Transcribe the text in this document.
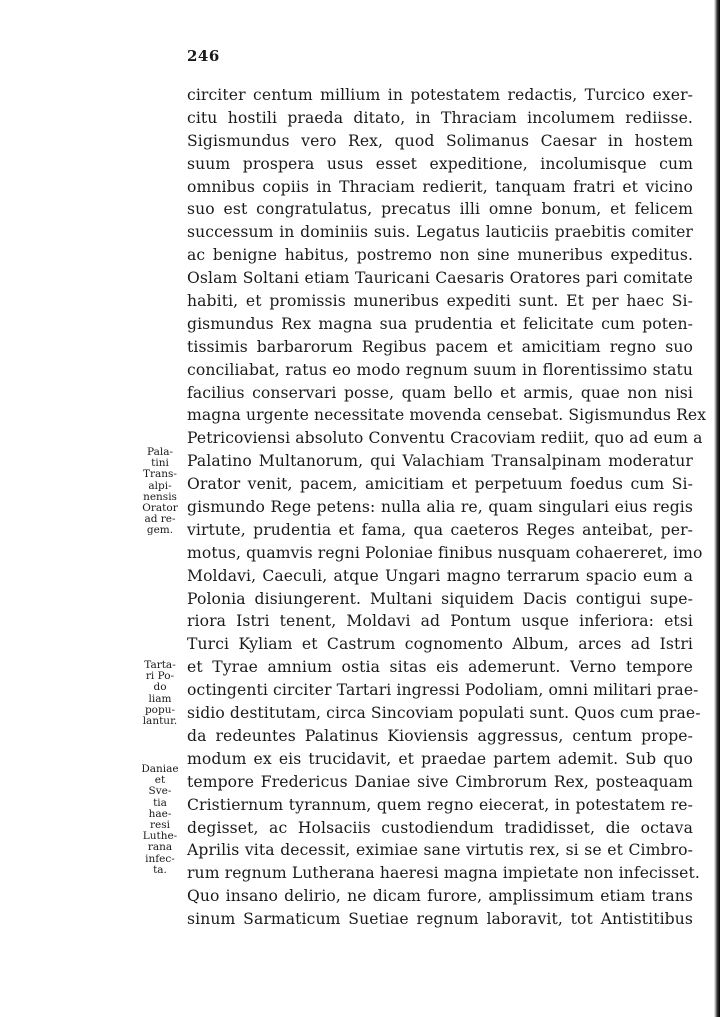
246
circiter centum millium in potestatem redactis, Turcico exer-
citu hostili praeda ditato, in Thraciam incolumem rediisse.
Sigismundus vero Rex, quod Solimanus Caesar in hostem
suum prospera usus esset expeditione, incolumisque cum
omnibus copiis in Thraciam redierit, tanquam fratri et vicino
suo est congratulatus, precatus illi omne bonum, et felicem
successum in dominiis suis. Legatus lauticiis praebitis comiter
ac benigne habitus, postremo non sine muneribus expeditus.
Oslam Soltani etiam Tauricani Caesaris Oratores pari comitate
habiti, et promissis muneribus expediti sunt. Et per haec Si-
gismundus Rex magna sua prudentia et felicitate cum poten-
tissimis barbarorum Regibus pacem et amicitiam regno suo
conciliabat, ratus eo modo regnum suum in florentissimo statu
facilius conservari posse, quam bello et armis, quae non nisi
magna urgente necessitate movenda censebat. Sigismundus Rex
Petricoviensi absoluto Conventu Cracoviam rediit, quo ad eum a
Palatino Multanorum, qui Valachiam Transalpinam moderatur
Orator venit, pacem, amicitiam et perpetuum foedus cum Si-
gismundo Rege petens: nulla alia re, quam singulari eius regis
virtute, prudentia et fama, qua caeteros Reges anteibat, per-
motus, quamvis regni Poloniae finibus nusquam cohaereret, imo
Moldavi, Caeculi, atque Ungari magno terrarum spacio eum a
Polonia disiungerent. Multani siquidem Dacis contigui supe-
riora Istri tenent, Moldavi ad Pontum usque inferiora: etsi
Turci Kyliam et Castrum cognomento Album, arces ad Istri
et Tyrae amnium ostia sitas eis ademerunt. Verno tempore
octingenti circiter Tartari ingressi Podoliam, omni militari prae-
sidio destitutam, circa Sincoviam populati sunt. Quos cum prae-
da redeuntes Palatinus Kioviensis aggressus, centum prope-
modum ex eis trucidavit, et praedae partem ademit. Sub quo
tempore Fredericus Daniae sive Cimbrorum Rex, posteaquam
Cristiernum tyrannum, quem regno eiecerat, in potestatem re-
degisset, ac Holsaciis custodiendum tradidisset, die octava
Aprilis vita decessit, eximiae sane virtutis rex, si se et Cimbro-
rum regnum Lutherana haeresi magna impietate non infecisset.
Quo insano delirio, ne dicam furore, amplissimum etiam trans
sinum Sarmaticum Suetiae regnum laboravit, tot Antistitibus
Pala-
tini
Trans-
alpi-
nensis
Orator
ad re-
gem.
Tarta-
ri Po-
do
liam
popu-
lantur.
Daniae
et
Sve-
tia
hae-
resi
Luthe-
rana
infec-
ta.
